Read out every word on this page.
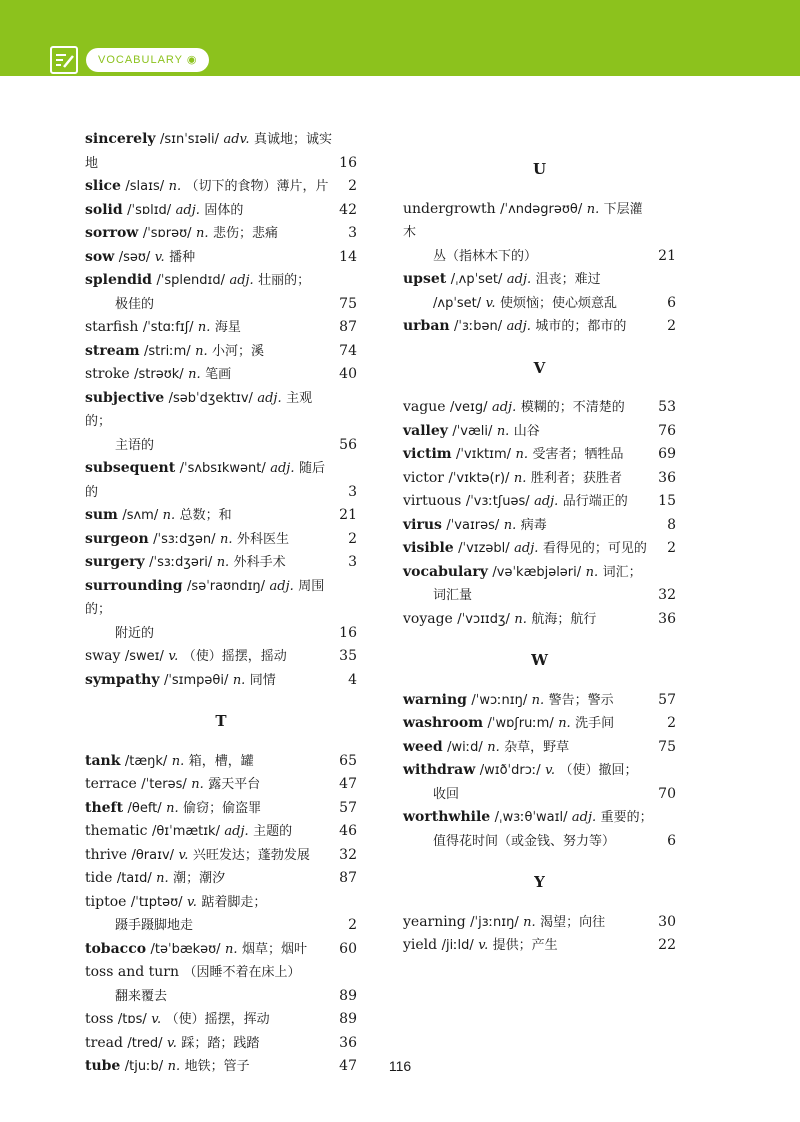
VOCABULARY ◉
sincerely /sɪnˈsɪəli/ adv. 真诚地；诚实地	16
slice /slaɪs/ n. （切下的食物）薄片，片	2
solid /ˈsɒlɪd/ adj. 固体的	42
sorrow /ˈsɒrəʊ/ n. 悲伤；悲痛	3
sow /səʊ/ v. 播种	14
splendid /ˈsplendɪd/ adj. 壮丽的；
极佳的	75
starfish /ˈstɑːfɪʃ/ n. 海星	87
stream /striːm/ n. 小河；溪	74
stroke /strəʊk/ n. 笔画	40
subjective /səbˈdʒektɪv/ adj. 主观的；
主语的	56
subsequent /ˈsʌbsɪkwənt/ adj. 随后的	3
sum /sʌm/ n. 总数；和	21
surgeon /ˈsɜːdʒən/ n. 外科医生	2
surgery /ˈsɜːdʒəri/ n. 外科手术	3
surrounding /səˈraʊndɪŋ/ adj. 周围的；
附近的	16
sway /sweɪ/ v. （使）摇摆，摇动	35
sympathy /ˈsɪmpəθi/ n. 同情	4
T
tank /tæŋk/ n. 箱，槽，罐	65
terrace /ˈterəs/ n. 露天平台	47
theft /θeft/ n. 偷窃；偷盗罪	57
thematic /θɪˈmætɪk/ adj. 主题的	46
thrive /θraɪv/ v. 兴旺发达；蓬勃发展	32
tide /taɪd/ n. 潮；潮汐	87
tiptoe /ˈtɪptəʊ/ v. 踮着脚走；
蹑手蹑脚地走	2
tobacco /təˈbækəʊ/ n. 烟草；烟叶	60
toss and turn （因睡不着在床上）
翻来覆去	89
toss /tɒs/ v. （使）摇摆，挥动	89
tread /tred/ v. 踩；踏；践踏	36
tube /tjuːb/ n. 地铁；管子	47
U
undergrowth /ˈʌndəgrəʊθ/ n. 下层灌木
丛（指林木下的）	21
upset /ˌʌpˈset/ adj. 沮丧；难过
/ʌpˈset/ v. 使烦恼；使心烦意乱	6
urban /ˈɜːbən/ adj. 城市的；都市的	2
V
vague /veɪg/ adj. 模糊的；不清楚的	53
valley /ˈvæli/ n. 山谷	76
victim /ˈvɪktɪm/ n. 受害者；牺牲品	69
victor /ˈvɪktə(r)/ n. 胜利者；获胜者	36
virtuous /ˈvɜːtʃuəs/ adj. 品行端正的	15
virus /ˈvaɪrəs/ n. 病毒	8
visible /ˈvɪzəbl/ adj. 看得见的；可见的	2
vocabulary /vəˈkæbjələri/ n. 词汇；
词汇量	32
voyage /ˈvɔɪɪdʒ/ n. 航海；航行	36
W
warning /ˈwɔːnɪŋ/ n. 警告；警示	57
washroom /ˈwɒʃruːm/ n. 洗手间	2
weed /wiːd/ n. 杂草，野草	75
withdraw /wɪðˈdrɔː/ v. （使）撤回；
收回	70
worthwhile /ˌwɜːθˈwaɪl/ adj. 重要的；
值得花时间（或金钱、努力等）	6
Y
yearning /ˈjɜːnɪŋ/ n. 渴望；向往	30
yield /jiːld/ v. 提供；产生	22
116
